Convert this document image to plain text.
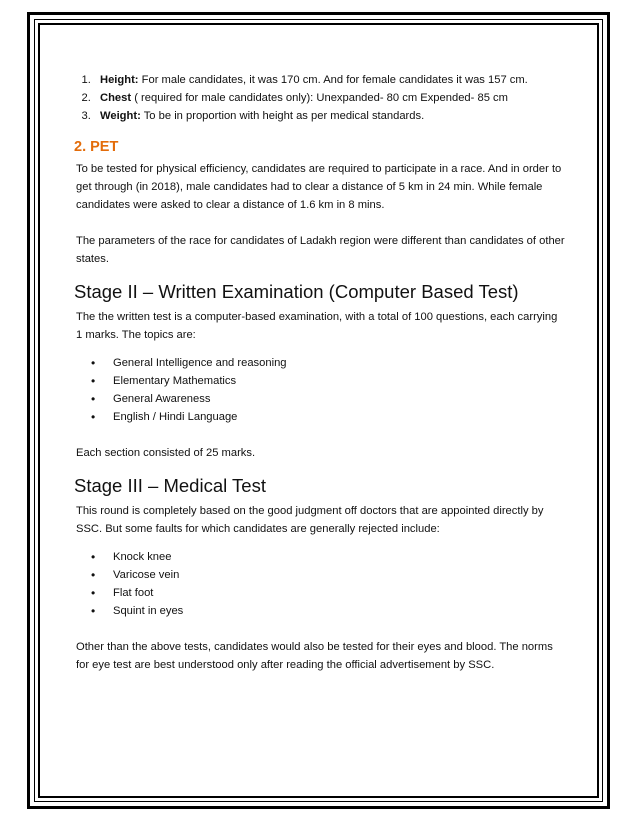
1. Height: For male candidates, it was 170 cm. And for female candidates it was 157 cm.
2. Chest ( required for male candidates only): Unexpanded- 80 cm Expended- 85 cm
3. Weight: To be in proportion with height as per medical standards.
2. PET

To be tested for physical efficiency, candidates are required to participate in a race. And in order to get through (in 2018), male candidates had to clear a distance of 5 km in 24 min. While female candidates were asked to clear a distance of 1.6 km in 8 mins.

The parameters of the race for candidates of Ladakh region were different than candidates of other states.

Stage II – Written Examination (Computer Based Test)

The the written test is a computer-based examination, with a total of 100 questions, each carrying 1 marks. The topics are:

• General Intelligence and reasoning
• Elementary Mathematics
• General Awareness
• English / Hindi Language

Each section consisted of 25 marks.

Stage III – Medical Test

This round is completely based on the good judgment off doctors that are appointed directly by SSC. But some faults for which candidates are generally rejected include:

• Knock knee
• Varicose vein
• Flat foot
• Squint in eyes

Other than the above tests, candidates would also be tested for their eyes and blood. The norms for eye test are best understood only after reading the official advertisement by SSC.
